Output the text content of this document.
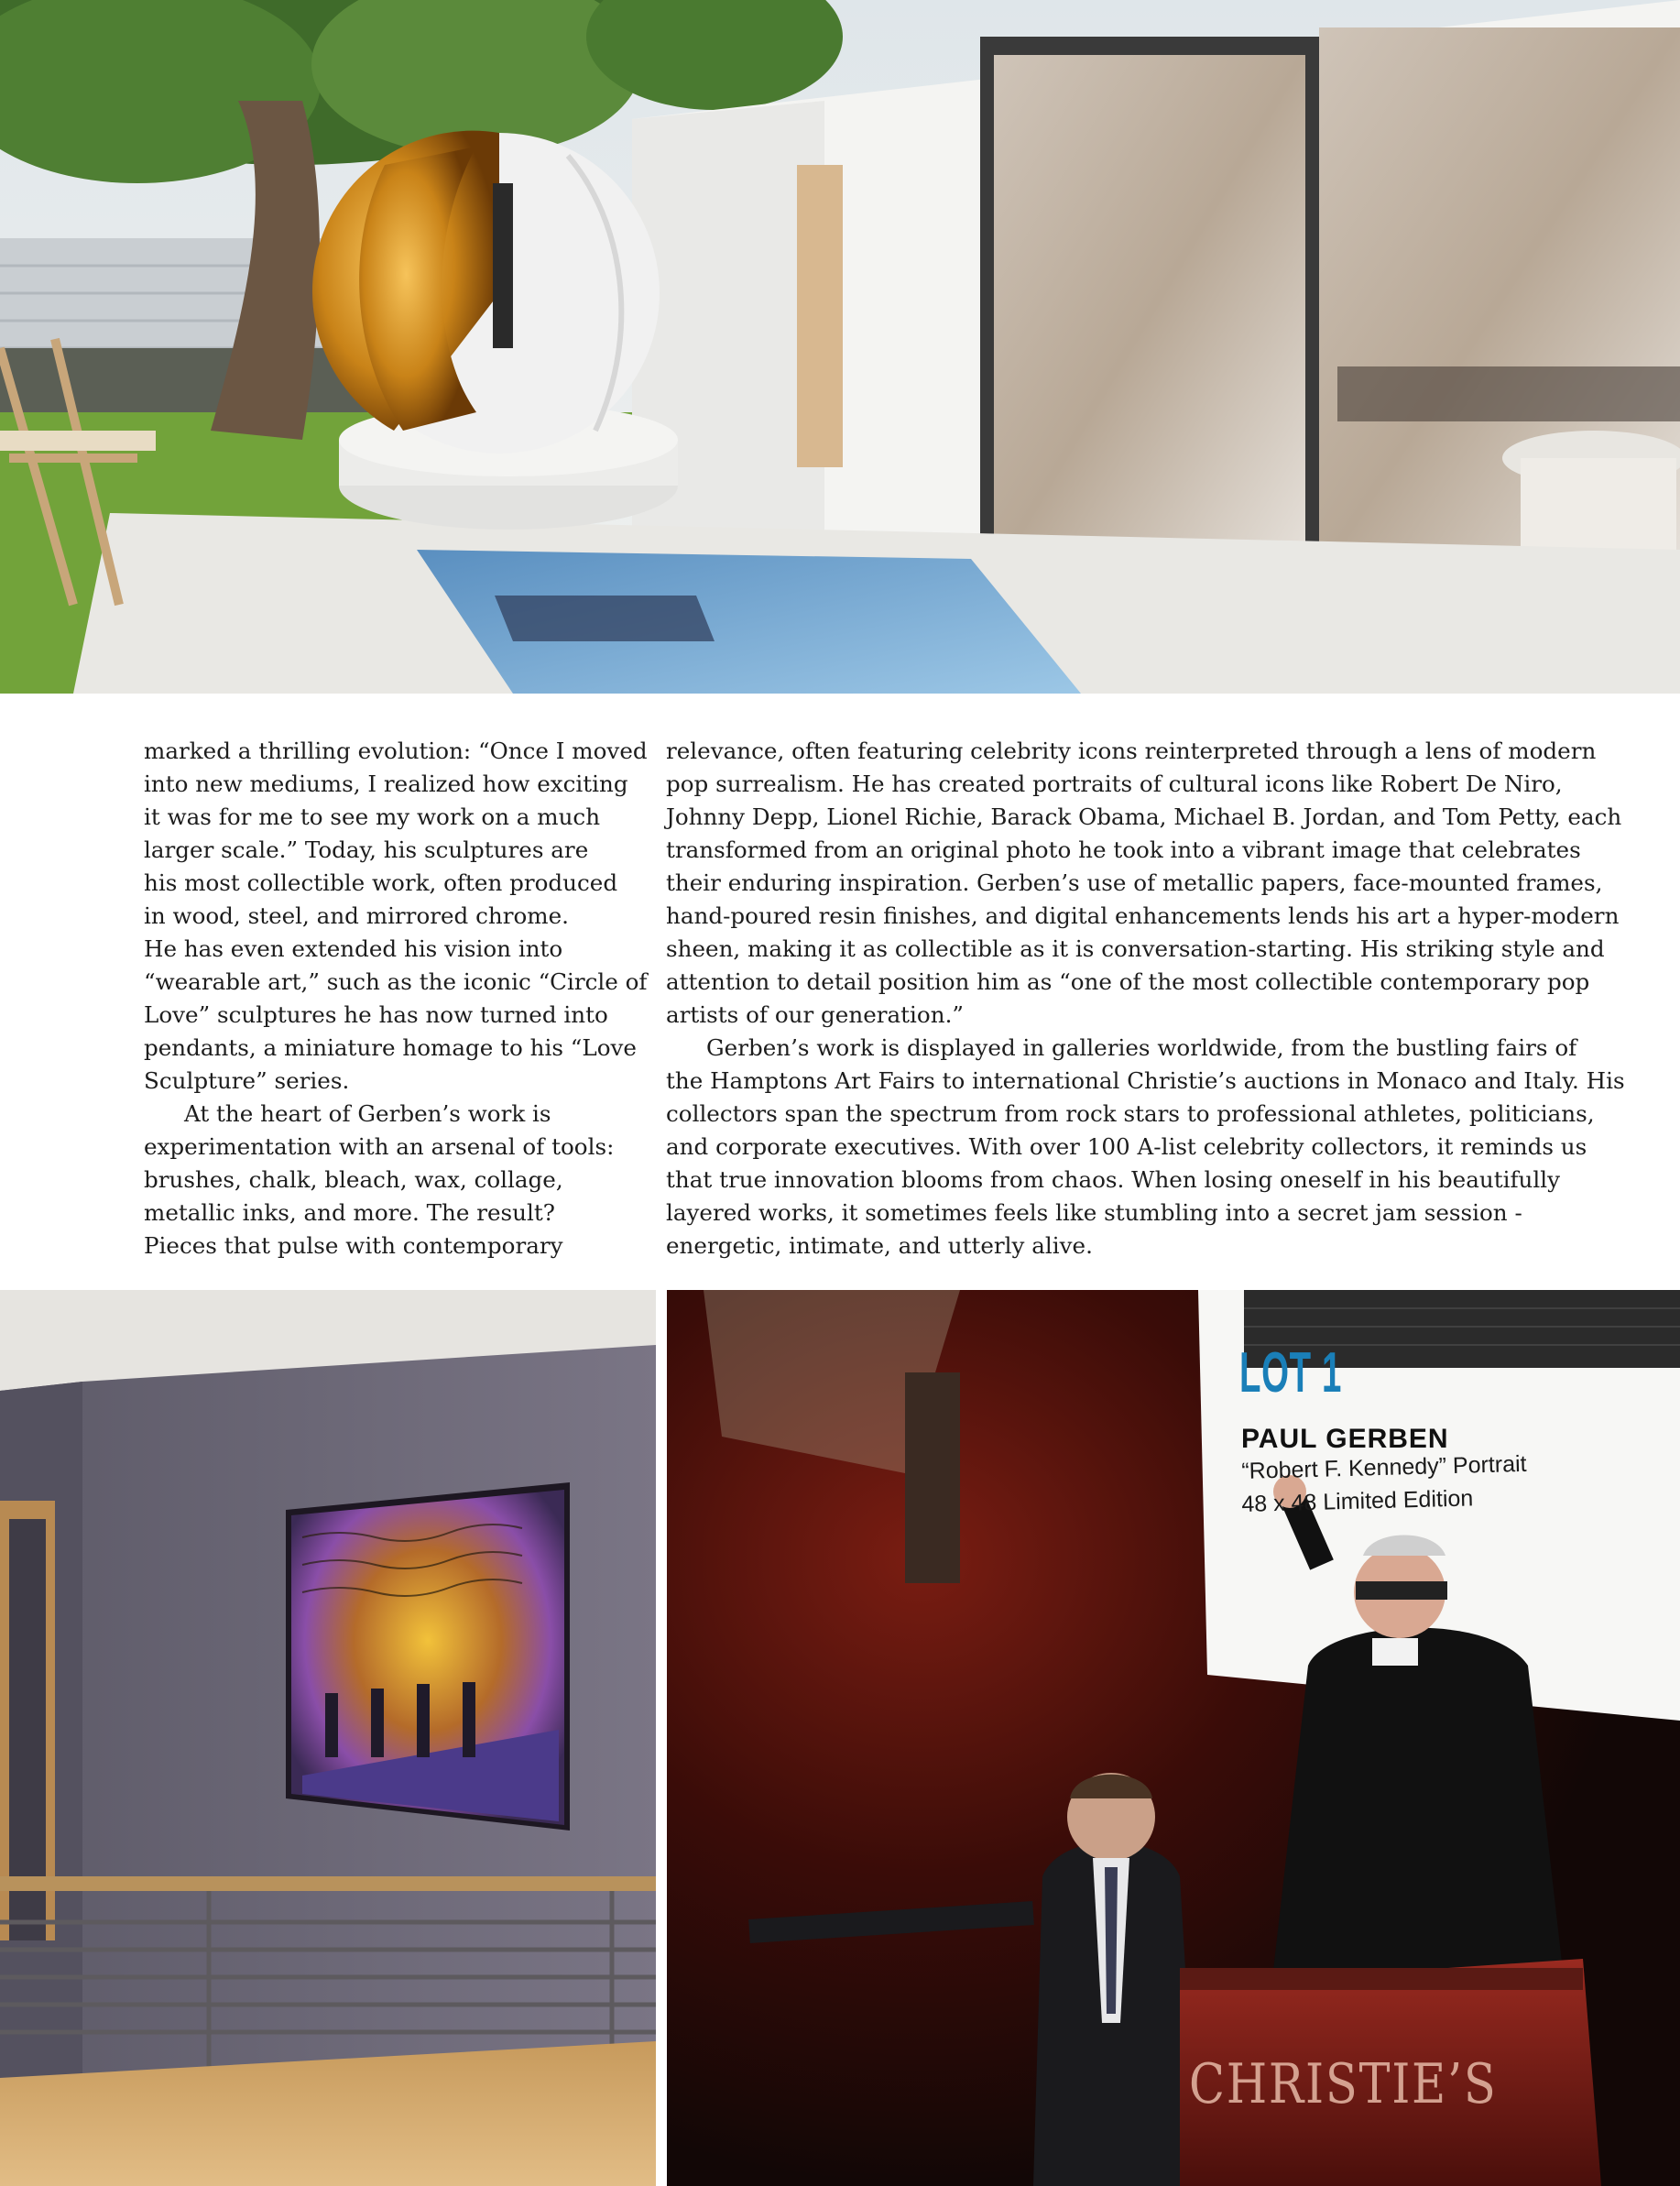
marked a thrilling evolution: “Once I moved
into new mediums, I realized how exciting
it was for me to see my work on a much
larger scale.” Today, his sculptures are
his most collectible work, often produced
in wood, steel, and mirrored chrome.
He has even extended his vision into
“wearable art,” such as the iconic “Circle of
Love” sculptures he has now turned into
pendants, a miniature homage to his “Love
Sculpture” series.
At the heart of Gerben’s work is
experimentation with an arsenal of tools:
brushes, chalk, bleach, wax, collage,
metallic inks, and more. The result?
Pieces that pulse with contemporary
relevance, often featuring celebrity icons reinterpreted through a lens of modern
pop surrealism. He has created portraits of cultural icons like Robert De Niro,
Johnny Depp, Lionel Richie, Barack Obama, Michael B. Jordan, and Tom Petty, each
transformed from an original photo he took into a vibrant image that celebrates
their enduring inspiration. Gerben’s use of metallic papers, face-mounted frames,
hand-poured resin finishes, and digital enhancements lends his art a hyper-modern
sheen, making it as collectible as it is conversation-starting. His striking style and
attention to detail position him as “one of the most collectible contemporary pop
artists of our generation.”
Gerben’s work is displayed in galleries worldwide, from the bustling fairs of
the Hamptons Art Fairs to international Christie’s auctions in Monaco and Italy. His
collectors span the spectrum from rock stars to professional athletes, politicians,
and corporate executives. With over 100 A-list celebrity collectors, it reminds us
that true innovation blooms from chaos. When losing oneself in his beautifully
layered works, it sometimes feels like stumbling into a secret jam session -
energetic, intimate, and utterly alive.
LOT 1
PAUL GERBEN
“Robert F. Kennedy” Portrait
48 x 48 Limited Edition
CHRISTIE’S
